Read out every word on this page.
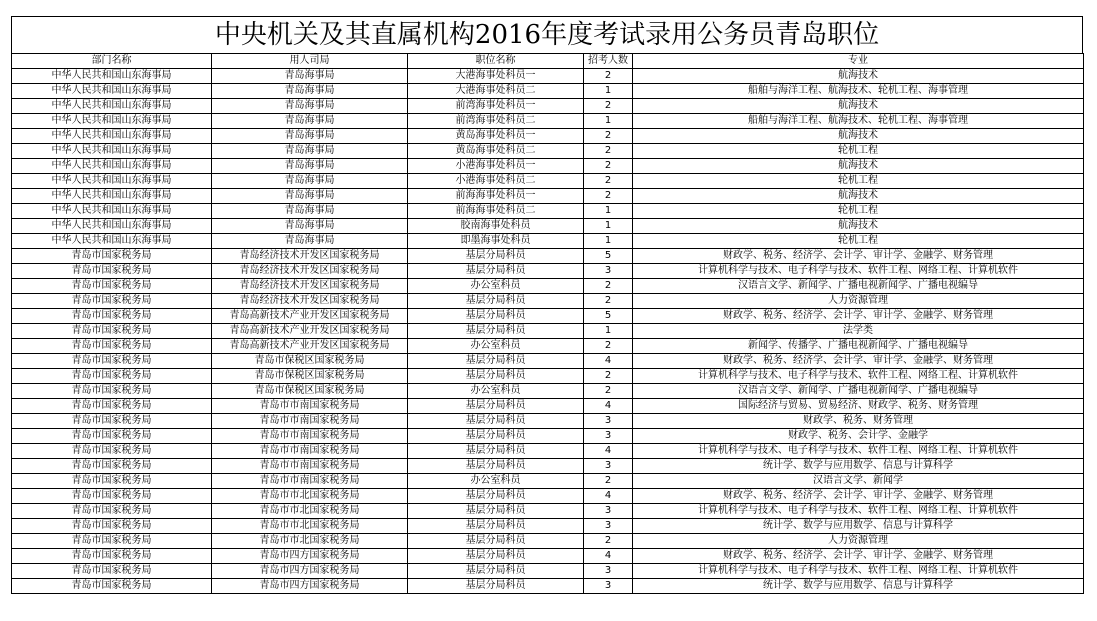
中央机关及其直属机构2016年度考试录用公务员青岛职位
部门名称	用人司局	职位名称	招考人数	专业
中华人民共和国山东海事局	青岛海事局	大港海事处科员一	2	航海技术
中华人民共和国山东海事局	青岛海事局	大港海事处科员二	1	船舶与海洋工程、航海技术、轮机工程、海事管理
中华人民共和国山东海事局	青岛海事局	前湾海事处科员一	2	航海技术
中华人民共和国山东海事局	青岛海事局	前湾海事处科员二	1	船舶与海洋工程、航海技术、轮机工程、海事管理
中华人民共和国山东海事局	青岛海事局	黄岛海事处科员一	2	航海技术
中华人民共和国山东海事局	青岛海事局	黄岛海事处科员二	2	轮机工程
中华人民共和国山东海事局	青岛海事局	小港海事处科员一	2	航海技术
中华人民共和国山东海事局	青岛海事局	小港海事处科员二	2	轮机工程
中华人民共和国山东海事局	青岛海事局	前海海事处科员一	2	航海技术
中华人民共和国山东海事局	青岛海事局	前海海事处科员二	1	轮机工程
中华人民共和国山东海事局	青岛海事局	胶南海事处科员	1	航海技术
中华人民共和国山东海事局	青岛海事局	即墨海事处科员	1	轮机工程
青岛市国家税务局	青岛经济技术开发区国家税务局	基层分局科员	5	财政学、税务、经济学、会计学、审计学、金融学、财务管理
青岛市国家税务局	青岛经济技术开发区国家税务局	基层分局科员	3	计算机科学与技术、电子科学与技术、软件工程、网络工程、计算机软件
青岛市国家税务局	青岛经济技术开发区国家税务局	办公室科员	2	汉语言文学、新闻学、广播电视新闻学、广播电视编导
青岛市国家税务局	青岛经济技术开发区国家税务局	基层分局科员	2	人力资源管理
青岛市国家税务局	青岛高新技术产业开发区国家税务局	基层分局科员	5	财政学、税务、经济学、会计学、审计学、金融学、财务管理
青岛市国家税务局	青岛高新技术产业开发区国家税务局	基层分局科员	1	法学类
青岛市国家税务局	青岛高新技术产业开发区国家税务局	办公室科员	2	新闻学、传播学、广播电视新闻学、广播电视编导
青岛市国家税务局	青岛市保税区国家税务局	基层分局科员	4	财政学、税务、经济学、会计学、审计学、金融学、财务管理
青岛市国家税务局	青岛市保税区国家税务局	基层分局科员	2	计算机科学与技术、电子科学与技术、软件工程、网络工程、计算机软件
青岛市国家税务局	青岛市保税区国家税务局	办公室科员	2	汉语言文学、新闻学、广播电视新闻学、广播电视编导
青岛市国家税务局	青岛市市南国家税务局	基层分局科员	4	国际经济与贸易、贸易经济、财政学、税务、财务管理
青岛市国家税务局	青岛市市南国家税务局	基层分局科员	3	财政学、税务、财务管理
青岛市国家税务局	青岛市市南国家税务局	基层分局科员	3	财政学、税务、会计学、金融学
青岛市国家税务局	青岛市市南国家税务局	基层分局科员	4	计算机科学与技术、电子科学与技术、软件工程、网络工程、计算机软件
青岛市国家税务局	青岛市市南国家税务局	基层分局科员	3	统计学、数学与应用数学、信息与计算科学
青岛市国家税务局	青岛市市南国家税务局	办公室科员	2	汉语言文学、新闻学
青岛市国家税务局	青岛市市北国家税务局	基层分局科员	4	财政学、税务、经济学、会计学、审计学、金融学、财务管理
青岛市国家税务局	青岛市市北国家税务局	基层分局科员	3	计算机科学与技术、电子科学与技术、软件工程、网络工程、计算机软件
青岛市国家税务局	青岛市市北国家税务局	基层分局科员	3	统计学、数学与应用数学、信息与计算科学
青岛市国家税务局	青岛市市北国家税务局	基层分局科员	2	人力资源管理
青岛市国家税务局	青岛市四方国家税务局	基层分局科员	4	财政学、税务、经济学、会计学、审计学、金融学、财务管理
青岛市国家税务局	青岛市四方国家税务局	基层分局科员	3	计算机科学与技术、电子科学与技术、软件工程、网络工程、计算机软件
青岛市国家税务局	青岛市四方国家税务局	基层分局科员	3	统计学、数学与应用数学、信息与计算科学
